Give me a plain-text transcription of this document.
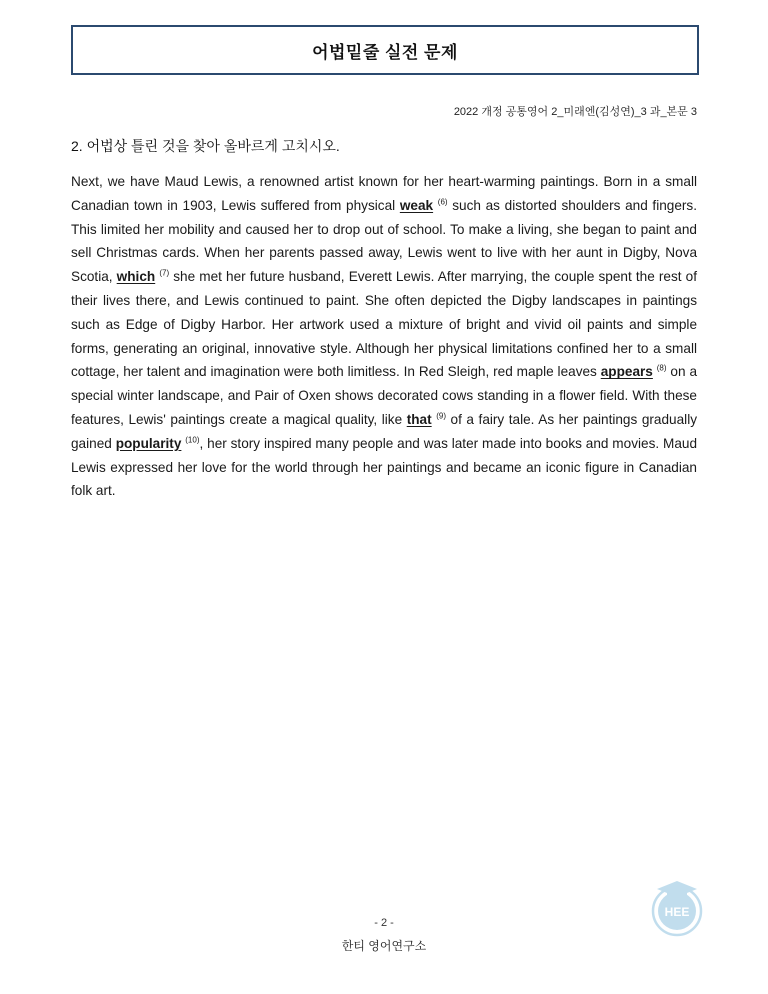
어법밑줄 실전 문제
2022 개정 공통영어 2_미래엔(김성연)_3 과_본문 3
2. 어법상 틀린 것을 찾아 올바르게 고치시오.
Next, we have Maud Lewis, a renowned artist known for her heart-warming paintings. Born in a small Canadian town in 1903, Lewis suffered from physical weak $^{(6)}$ such as distorted shoulders and fingers. This limited her mobility and caused her to drop out of school. To make a living, she began to paint and sell Christmas cards. When her parents passed away, Lewis went to live with her aunt in Digby, Nova Scotia, which $^{(7)}$ she met her future husband, Everett Lewis. After marrying, the couple spent the rest of their lives there, and Lewis continued to paint. She often depicted the Digby landscapes in paintings such as Edge of Digby Harbor. Her artwork used a mixture of bright and vivid oil paints and simple forms, generating an original, innovative style. Although her physical limitations confined her to a small cottage, her talent and imagination were both limitless. In Red Sleigh, red maple leaves appears $^{(8)}$ on a special winter landscape, and Pair of Oxen shows decorated cows standing in a flower field. With these features, Lewis' paintings create a magical quality, like that $^{(9)}$ of a fairy tale. As her paintings gradually gained popularity $^{(10)}$, her story inspired many people and was later made into books and movies. Maud Lewis expressed her love for the world through her paintings and became an iconic figure in Canadian folk art.
- 2 -
한티 영어연구소
HEE
